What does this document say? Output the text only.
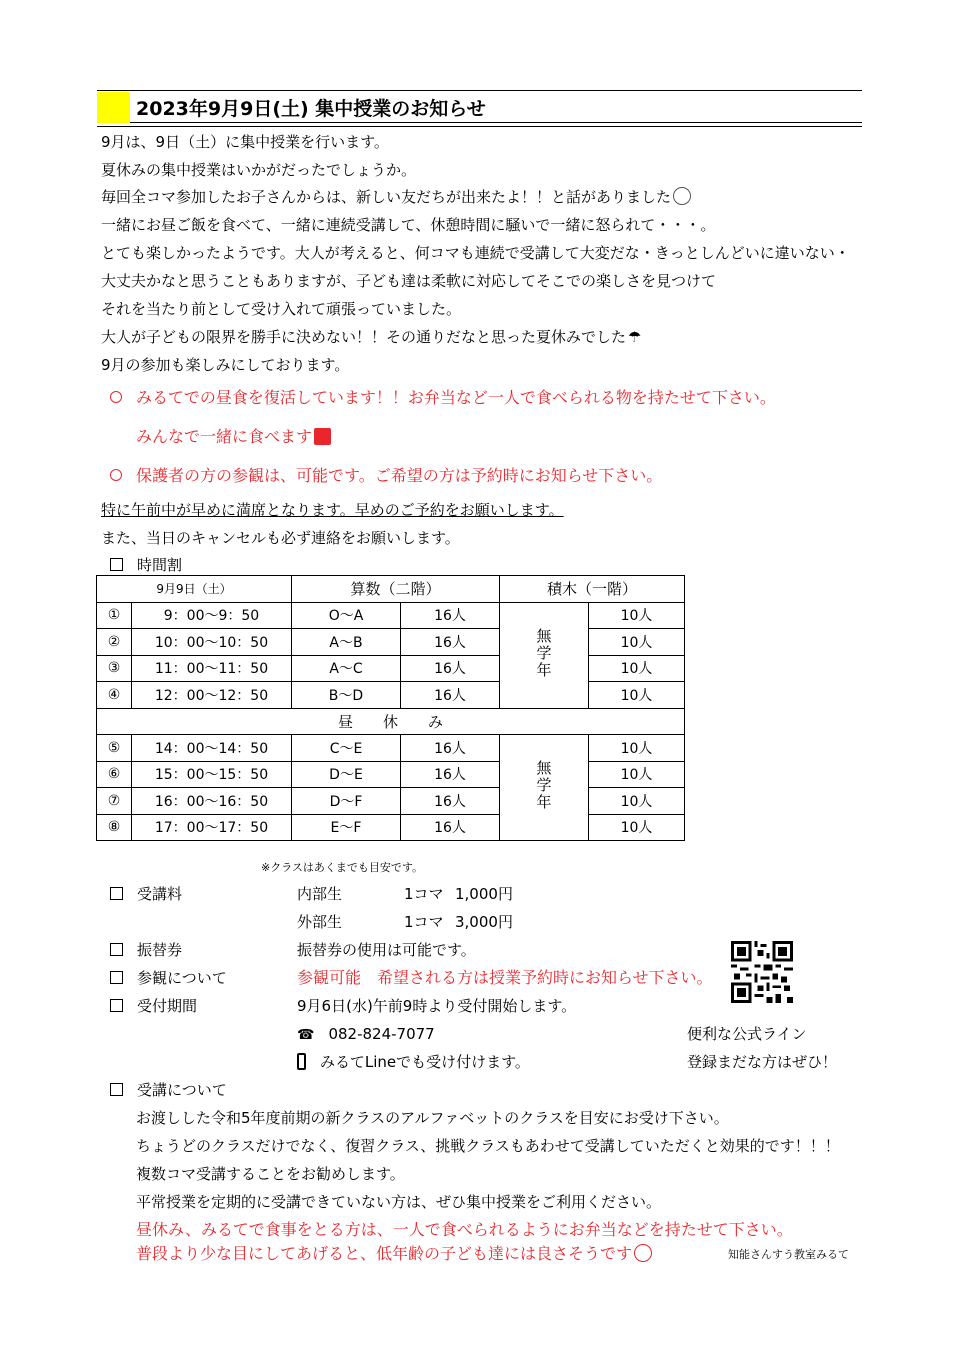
2023年9月9日(土) 集中授業のお知らせ
9月は、9日（土）に集中授業を行います。
夏休みの集中授業はいかがだったでしょうか。
毎回全コマ参加したお子さんからは、新しい友だちが出来たよ！！と話がありました
一緒にお昼ご飯を食べて、一緒に連続受講して、休憩時間に騒いで一緒に怒られて・・・。
とても楽しかったようです。大人が考えると、何コマも連続で受講して大変だな・きっとしんどいに違いない・
大丈夫かなと思うこともありますが、子ども達は柔軟に対応してそこでの楽しさを見つけて
それを当たり前として受け入れて頑張っていました。
大人が子どもの限界を勝手に決めない！！その通りだなと思った夏休みでした ☂
9月の参加も楽しみにしております。
みるてでの昼食を復活しています！！お弁当など一人で食べられる物を持たせて下さい。
みんなで一緒に食べます
保護者の方の参観は、可能です。ご希望の方は予約時にお知らせ下さい。
特に午前中が早めに満席となります。早めのご予約をお願いします。
また、当日のキャンセルも必ず連絡をお願いします。
時間割
9月9日（土）		算数（二階）		積木（一階）	
①	9：00～9：50	O～A	16人	無学年	10人
②	10：00～10：50	A～B	16人		10人
③	11：00～11：50	A～C	16人		10人
④	12：00～12：50	B～D	16人		10人
昼　　休　　み					
⑤	14：00～14：50	C～E	16人	無学年	10人
⑥	15：00～15：50	D～E	16人		10人
⑦	16：00～16：50	D～F	16人		10人
⑧	17：00～17：50	E～F	16人		10人
※クラスはあくまでも目安です。
受講料	内部生	1コマ 1,000円
外部生	1コマ 3,000円
振替券	振替券の使用は可能です。
参観について	参観可能　希望される方は授業予約時にお知らせ下さい。
受付期間	9月6日(水)午前9時より受付開始します。
☎ 082-824-7077
みるてLineでも受け付けます。
便利な公式ライン
登録まだな方はぜひ！
受講について
お渡しした令和5年度前期の新クラスのアルファベットのクラスを目安にお受け下さい。
ちょうどのクラスだけでなく、復習クラス、挑戦クラスもあわせて受講していただくと効果的です！！！
複数コマ受講することをお勧めします。
平常授業を定期的に受講できていない方は、ぜひ集中授業をご利用ください。
昼休み、みるてで食事をとる方は、一人で食べられるようにお弁当などを持たせて下さい。
普段より少な目にしてあげると、低年齢の子ども達には良さそうです	知能さんすう教室みるて
